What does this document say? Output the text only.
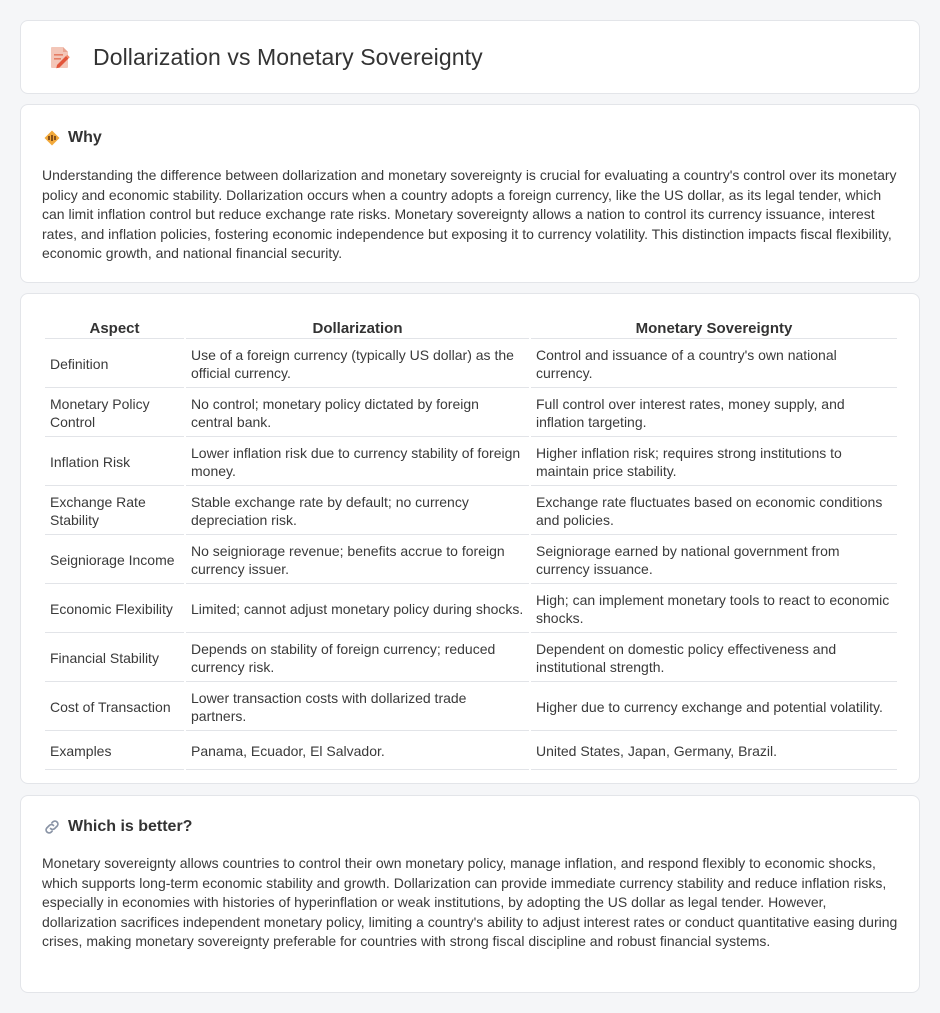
Dollarization vs Monetary Sovereignty
Why

Understanding the difference between dollarization and monetary sovereignty is crucial for evaluating a country's control over its monetary policy and economic stability. Dollarization occurs when a country adopts a foreign currency, like the US dollar, as its legal tender, which can limit inflation control but reduce exchange rate risks. Monetary sovereignty allows a nation to control its currency issuance, interest rates, and inflation policies, fostering economic independence but exposing it to currency volatility. This distinction impacts fiscal flexibility, economic growth, and national financial security.

Aspect	Dollarization	Monetary Sovereignty
Definition	Use of a foreign currency (typically US dollar) as the official currency.	Control and issuance of a country's own national currency.
Monetary Policy Control	No control; monetary policy dictated by foreign central bank.	Full control over interest rates, money supply, and inflation targeting.
Inflation Risk	Lower inflation risk due to currency stability of foreign money.	Higher inflation risk; requires strong institutions to maintain price stability.
Exchange Rate Stability	Stable exchange rate by default; no currency depreciation risk.	Exchange rate fluctuates based on economic conditions and policies.
Seigniorage Income	No seigniorage revenue; benefits accrue to foreign currency issuer.	Seigniorage earned by national government from currency issuance.
Economic Flexibility	Limited; cannot adjust monetary policy during shocks.	High; can implement monetary tools to react to economic shocks.
Financial Stability	Depends on stability of foreign currency; reduced currency risk.	Dependent on domestic policy effectiveness and institutional strength.
Cost of Transaction	Lower transaction costs with dollarized trade partners.	Higher due to currency exchange and potential volatility.
Examples	Panama, Ecuador, El Salvador.	United States, Japan, Germany, Brazil.
Which is better?

Monetary sovereignty allows countries to control their own monetary policy, manage inflation, and respond flexibly to economic shocks, which supports long-term economic stability and growth. Dollarization can provide immediate currency stability and reduce inflation risks, especially in economies with histories of hyperinflation or weak institutions, by adopting the US dollar as legal tender. However, dollarization sacrifices independent monetary policy, limiting a country's ability to adjust interest rates or conduct quantitative easing during crises, making monetary sovereignty preferable for countries with strong fiscal discipline and robust financial systems.
